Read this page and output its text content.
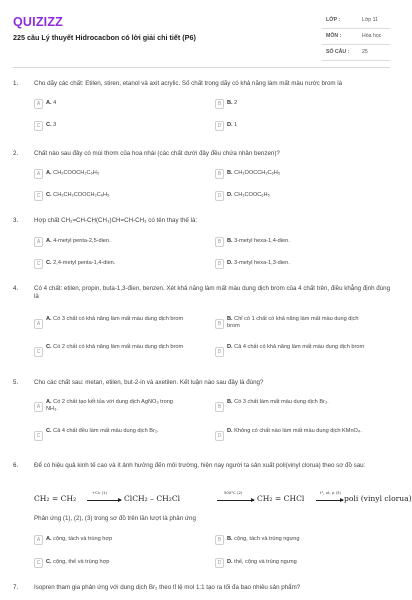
QUIZIZZ
225 câu Lý thuyết Hidrocacbon có lời giải chi tiết (P6)
LỚP :	Lớp 11
MÔN :	Hóa học
SỐ CÂU : 25
1.	Cho dãy các chất: Etilen, stiren, etanol và axit acrylic. Số chất trong dãy có khả năng làm mất màu nước brom là
A	A. 4	B	B. 2
C	C. 3	D	D. 1
2.	Chất nào sau đây có mùi thơm của hoa nhài (các chất dưới đây đều chứa nhân benzen)?
A	A. CH₃COOCH₂C₆H₅	B	B. CH₃OOCCH₂C₆H₅
C	C. CH₃CH₂COOCH₂C₆H₅	D	D. CH₃COOC₆H₅
3.	Hợp chất CH₂=CH-CH(CH₃)CH=CH-CH₃ có tên thay thế là:
A	A. 4-metyl penta-2,5-dien.	B	B. 3-metyl hexa-1,4-dien.
C	C. 2,4-metyl penta-1,4-dien.	D	D. 3-metyl hexa-1,3-dien.
4.	Có 4 chất: etilen, propin, buta-1,3-đien, benzen. Xét khả năng làm mất màu dung dịch brom của 4 chất trên, điều khẳng định đúng là
A
A. Có 3 chất có khả năng làm mất màu dung dịch brom
B
B. Chỉ có 1 chất có khả năng làm mất màu dung dịch brom
C
C. Có 2 chất có khả năng làm mất màu dung dịch brom
D
D. Cả 4 chất có khả năng làm mất màu dung dịch brom
5.	Cho các chất sau: metan, etilen, but-2-in và axetilen. Kết luận nào sau đây là đúng?
A
A. Có 2 chất tạo kết tủa với dung dịch AgNO₃ trong NH₃.	B
B. Có 3 chất làm mất màu dung dịch Br₂.
C
C. Cả 4 chất đều làm mất màu dung dịch Br₂.
D
D. Không có chất nào làm mất màu dung dịch KMnO₄.
6.	Để có hiệu quả kinh tế cao và ít ảnh hưởng đến môi trường, hiện nay người ta sản xuất poli(vinyl clorua) theo sơ đồ sau:
CH₂ = CH₂
+Cl₂ (1)
ClCH₂ – CH₂Cl
500°C (2)
CH₂ = CHCl
t°, xt, p (3)
→ poli (vinyl clorua)
Phản ứng (1), (2), (3) trong sơ đồ trên lần lượt là phản ứng
A	A. cộng, tách và trùng hợp	B	B. cộng, tách và trùng ngưng
C	C. cộng, thế và trùng hợp	D	D. thế, cộng và trùng ngưng
7.	Isopren tham gia phản ứng với dung dịch Br₂ theo tỉ lệ mol 1:1 tạo ra tối đa bao nhiêu sản phẩm?
